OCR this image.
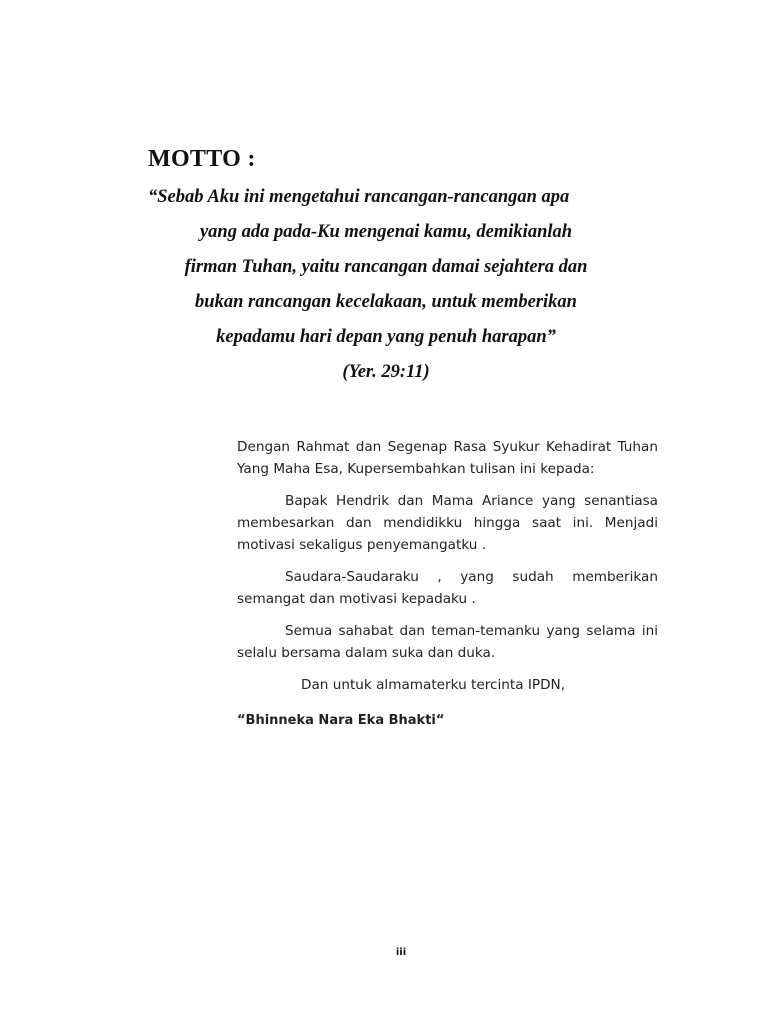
MOTTO :
“Sebab Aku ini mengetahui rancangan-rancangan apa
yang ada pada-Ku mengenai kamu, demikianlah
firman Tuhan, yaitu rancangan damai sejahtera dan
bukan rancangan kecelakaan, untuk memberikan
kepadamu hari depan yang penuh harapan”
(Yer. 29:11)

Dengan Rahmat dan Segenap Rasa Syukur Kehadirat Tuhan Yang Maha Esa, Kupersembahkan tulisan ini kepada:

Bapak Hendrik dan Mama Ariance yang senantiasa membesarkan dan mendidikku hingga saat ini. Menjadi motivasi sekaligus penyemangatku .

Saudara-Saudaraku , yang sudah memberikan semangat dan motivasi kepadaku .

Semua sahabat dan teman-temanku yang selama ini selalu bersama dalam suka dan duka.

Dan untuk almamaterku tercinta IPDN,

“Bhinneka Nara Eka Bhakti“

iii
